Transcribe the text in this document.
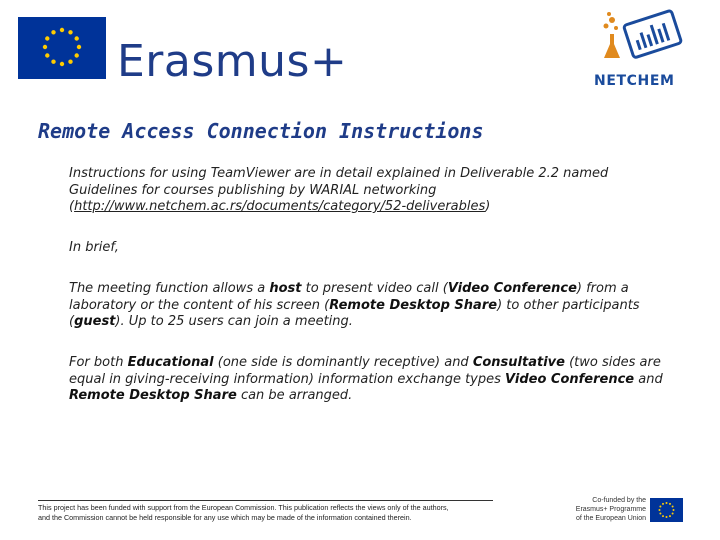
Erasmus+	NETCHEM
Remote Access Connection Instructions
Instructions for using TeamViewer are in detail explained in Deliverable 2.2 named
Guidelines for courses publishing by WARIAL networking
(http://www.netchem.ac.rs/documents/category/52-deliverables)
In brief,
The meeting function allows a host to present video call (Video Conference) from a laboratory or the content of his screen (Remote Desktop Share) to other participants (guest). Up to 25 users can join a meeting.
For both Educational (one side is dominantly receptive) and Consultative (two sides are equal in giving-receiving information) information exchange types Video Conference and Remote Desktop Share can be arranged.
This project has been funded with support from the European Commission. This publication reflects the views only of the authors,
and the Commission cannot be held responsible for any use which may be made of the information contained therein.
Co-funded by the
Erasmus+ Programme
of the European Union
